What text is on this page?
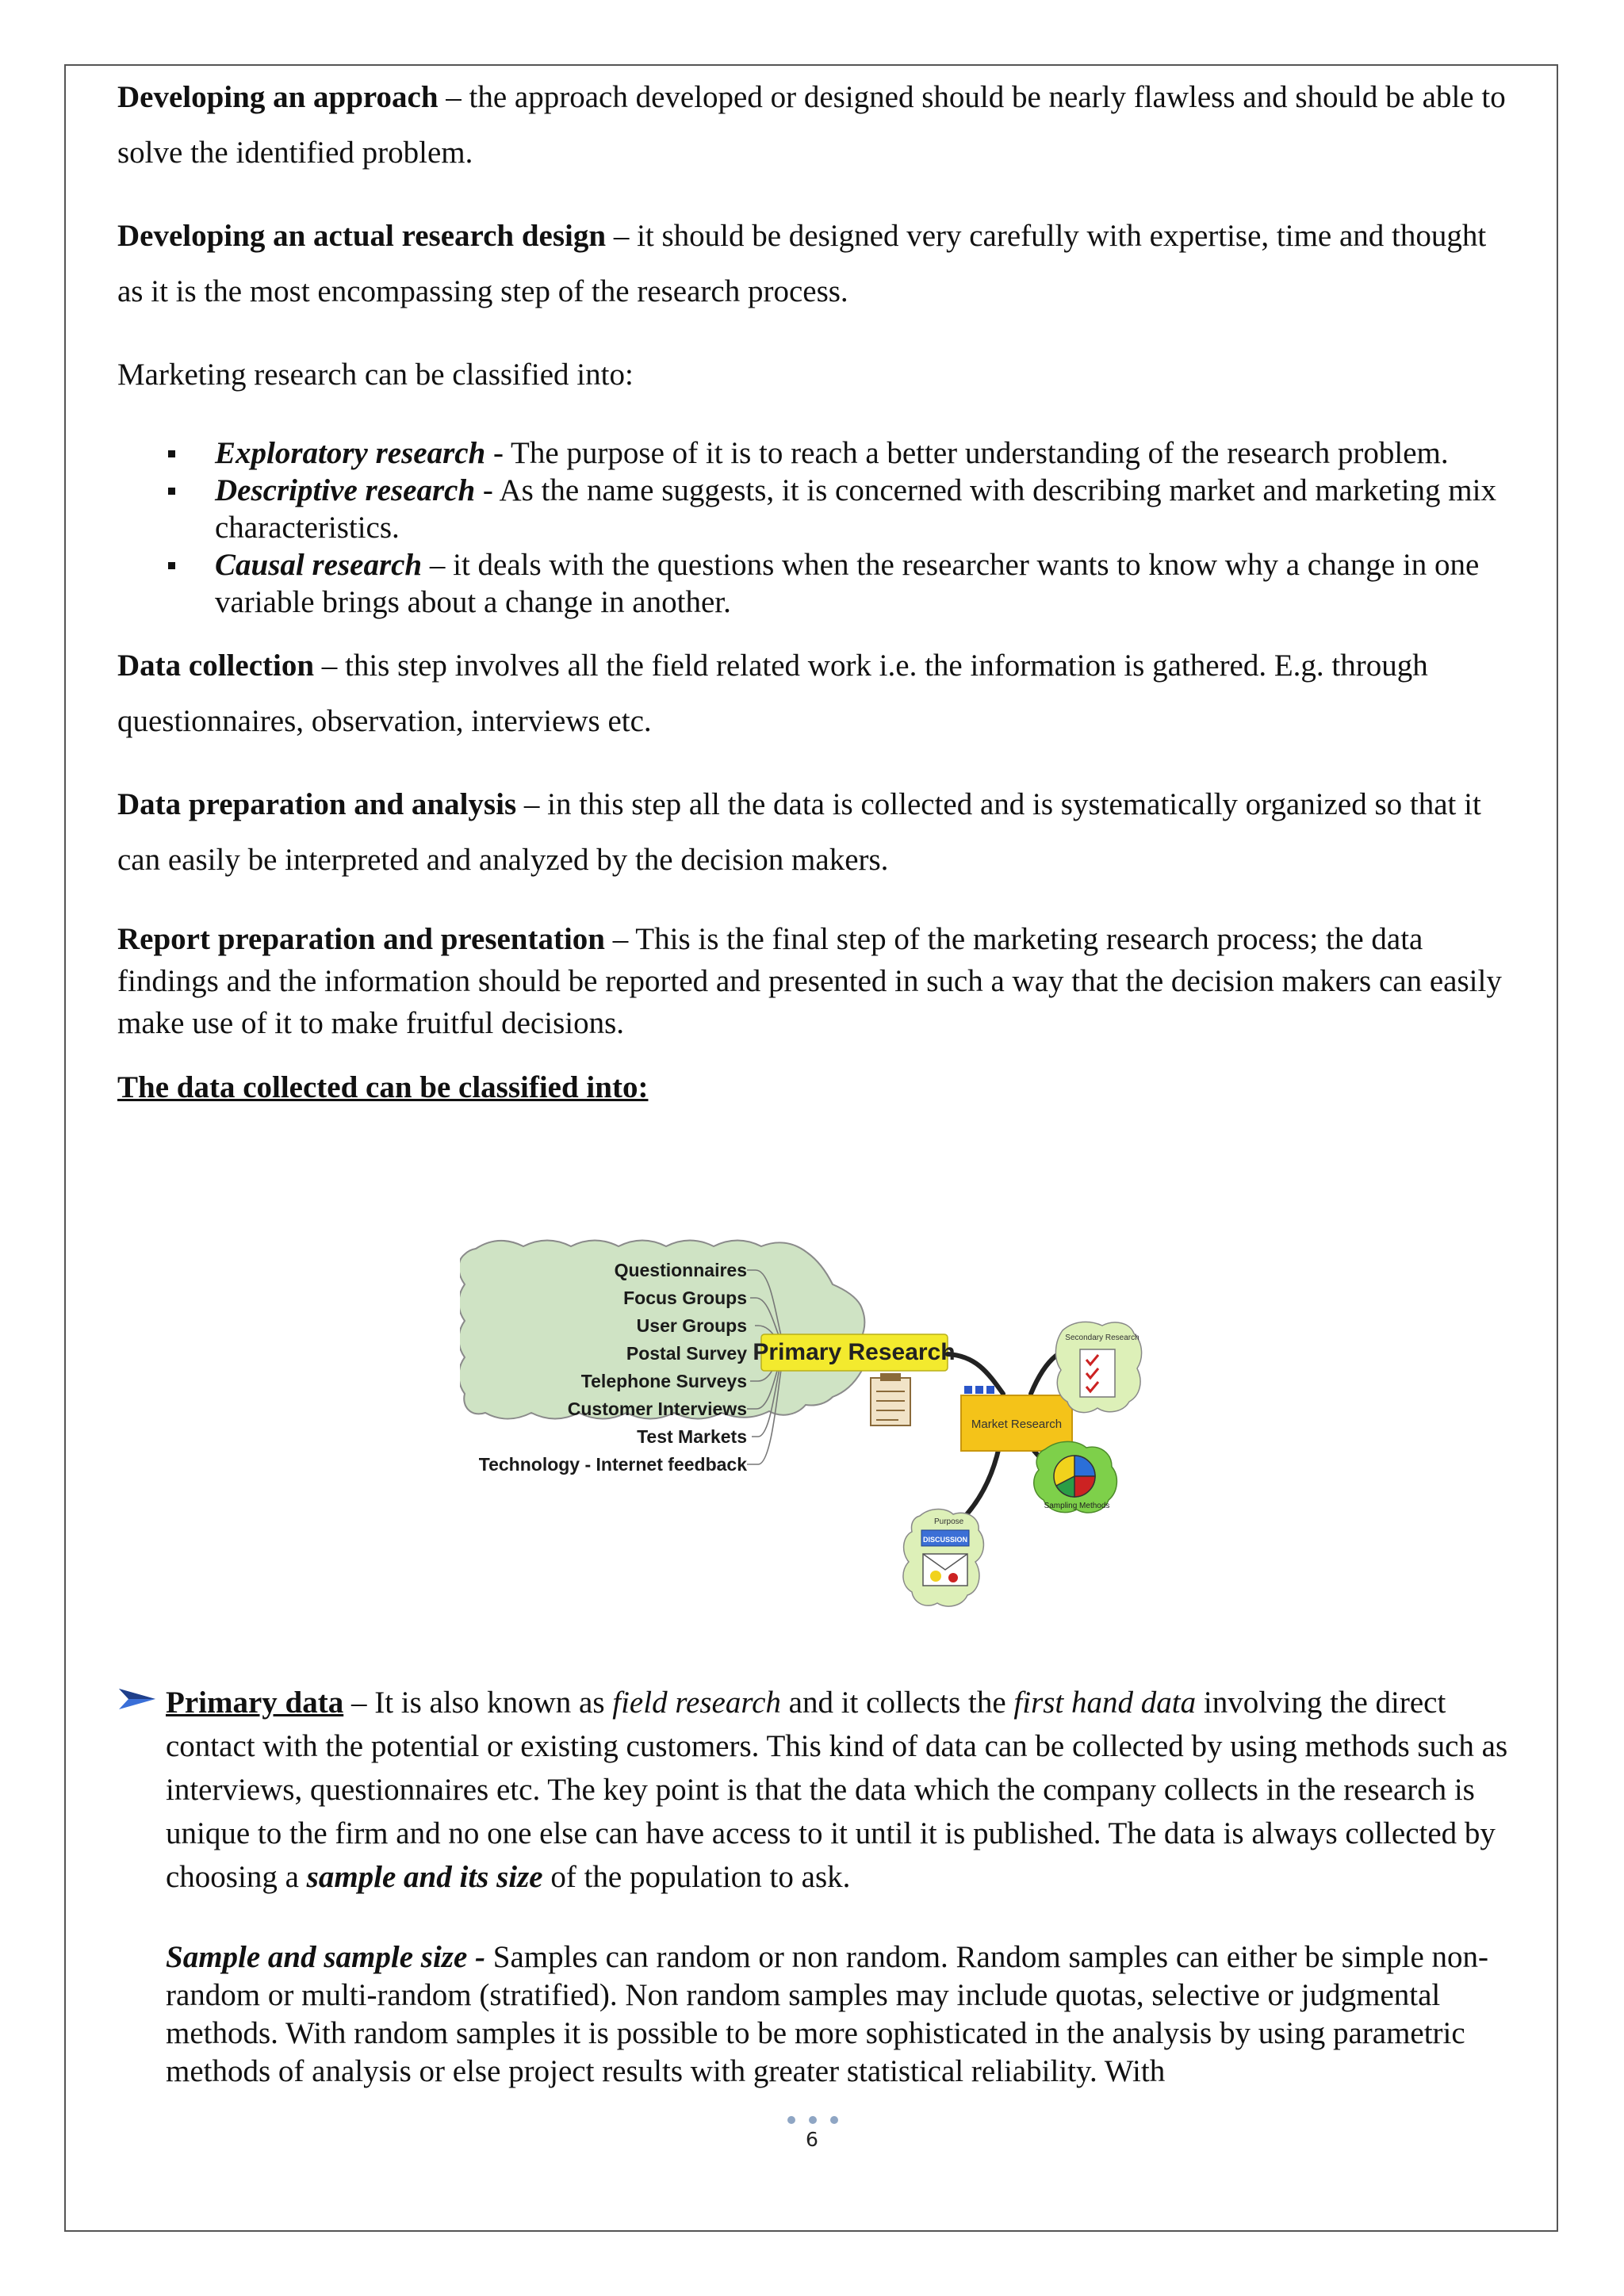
Developing an approach – the approach developed or designed should be nearly flawless and should be able to solve the identified problem.

Developing an actual research design – it should be designed very carefully with expertise, time and thought as it is the most encompassing step of the research process.

Marketing research can be classified into:

Exploratory research - The purpose of it is to reach a better understanding of the research problem.
Descriptive research - As the name suggests, it is concerned with describing market and marketing mix characteristics.
Causal research – it deals with the questions when the researcher wants to know why a change in one variable brings about a change in another.

Data collection – this step involves all the field related work i.e. the information is gathered. E.g. through questionnaires, observation, interviews etc.

Data preparation and analysis – in this step all the data is collected and is systematically organized so that it can easily be interpreted and analyzed by the decision makers.

Report preparation and presentation – This is the final step of the marketing research process; the data findings and the information should be reported and presented in such a way that the decision makers can easily make use of it to make fruitful decisions.

The data collected can be classified into:

Questionnaires
Focus Groups
User Groups
Postal Survey
Telephone Surveys
Customer Interviews
Test Markets
Technology - Internet feedback
Primary Research
Market Research
Secondary Research
Sampling Methods
Purpose
DISCUSSION
Primary data – It is also known as field research and it collects the first hand data involving the direct contact with the potential or existing customers. This kind of data can be collected by using methods such as interviews, questionnaires etc. The key point is that the data which the company collects in the research is unique to the firm and no one else can have access to it until it is published. The data is always collected by choosing a sample and its size of the population to ask.
Sample and sample size - Samples can random or non random. Random samples can either be simple non-random or multi-random (stratified). Non random samples may include quotas, selective or judgmental methods. With random samples it is possible to be more sophisticated in the analysis by using parametric methods of analysis or else project results with greater statistical reliability. With
6
